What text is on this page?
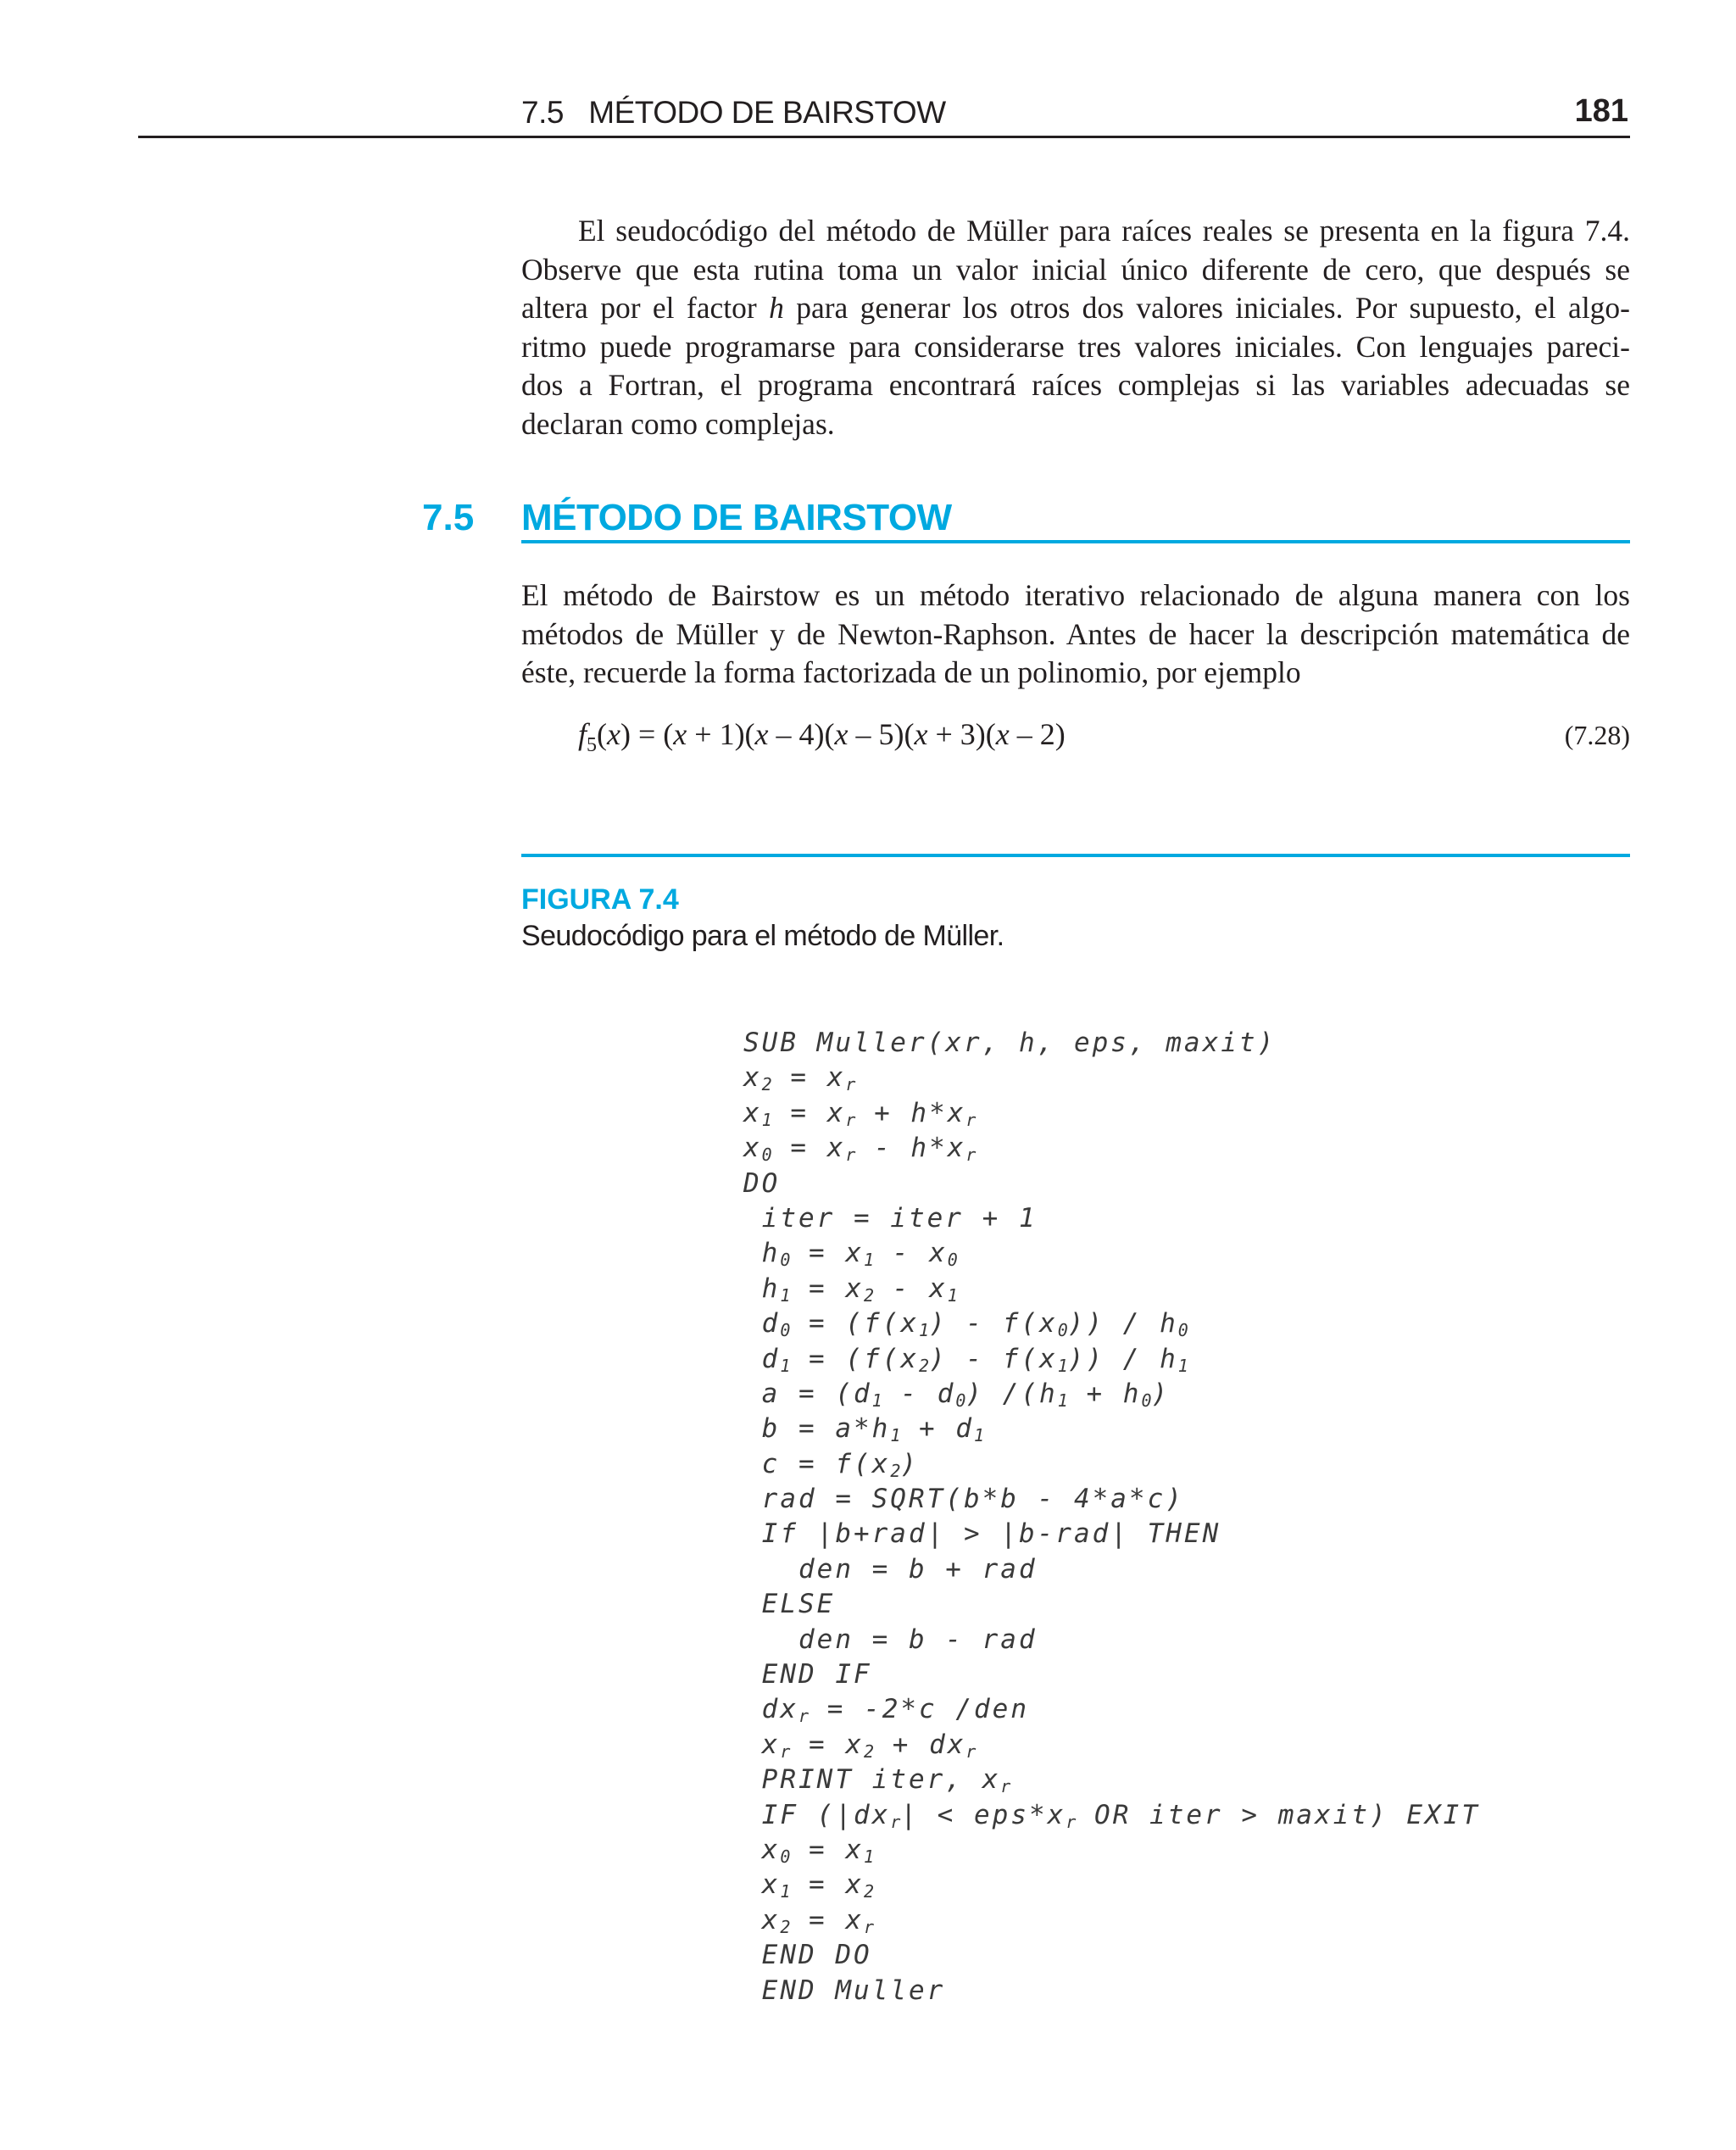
7.5   MÉTODO DE BAIRSTOW	181

El seudocódigo del método de Müller para raíces reales se presenta en la figura 7.4.

Observe que esta rutina toma un valor inicial único diferente de cero, que después se

altera por el factor h para generar los otros dos valores iniciales. Por supuesto, el algo-

ritmo puede programarse para considerarse tres valores iniciales. Con lenguajes pareci-

dos a Fortran, el programa encontrará raíces complejas si las variables adecuadas se

declaran como complejas.

7.5 MÉTODO DE BAIRSTOW

El método de Bairstow es un método iterativo relacionado de alguna manera con los

métodos de Müller y de Newton-Raphson. Antes de hacer la descripción matemática de

éste, recuerde la forma factorizada de un polinomio, por ejemplo

$f_5(x) = (x + 1)(x - 4)(x - 5)(x + 3)(x - 2)$	(7.28)
FIGURA 7.4
Seudocódigo para el método de Müller.
SUB Muller(xr, h, eps, maxit)
$x_2 = x_r$
$x_1 = x_r + h*x_r$
$x_0 = x_r - h*x_r$
DO
iter = iter + 1
$h_0 = x_1 - x_0$
$h_1 = x_2 - x_1$
$d_0 = (f(x_1) - f(x_0)) / h_0$
$d_1 = (f(x_2) - f(x_1)) / h_1$
$a = (d_1 - d_0) /(h_1 + h_0)$
$b = a*h_1 + d_1$
$c = f(x_2)$
rad = SQRT(b*b - 4*a*c)
If |b+rad| > |b-rad| THEN
den = b + rad
ELSE
den = b - rad
END IF
$dx_r = -2*c$ /den
$x_r = x_2 + dx_r$
PRINT iter, $x_r$
IF ($|dx_r| < eps*x_r$ OR iter > maxit) EXIT
$x_0 = x_1$
$x_1 = x_2$
$x_2 = x_r$
END DO
END Muller
